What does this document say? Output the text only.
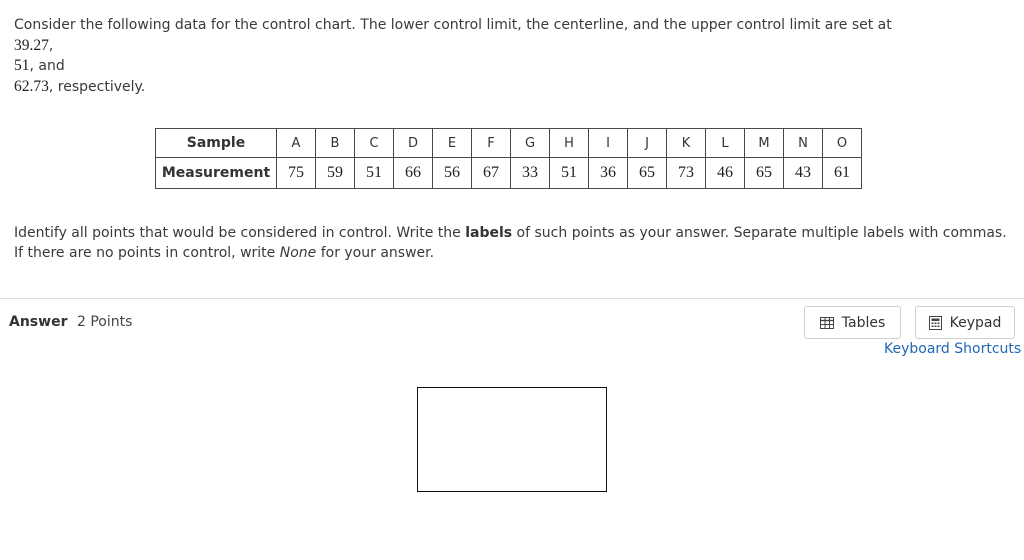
Consider the following data for the control chart. The lower control limit, the centerline, and the upper control limit are set at
39.27,
51, and
62.73, respectively.
Sample	A	B	C	D	E	F	G	H	I	J	K	L	M	N	O
Measurement	75	59	51	66	56	67	33	51	36	65	73	46	65	43	61
Identify all points that would be considered in control. Write the labels of such points as your answer. Separate multiple labels with commas. If there are no points in control, write None for your answer.
Answer 2 Points	Tables	Keypad
Keyboard Shortcuts
